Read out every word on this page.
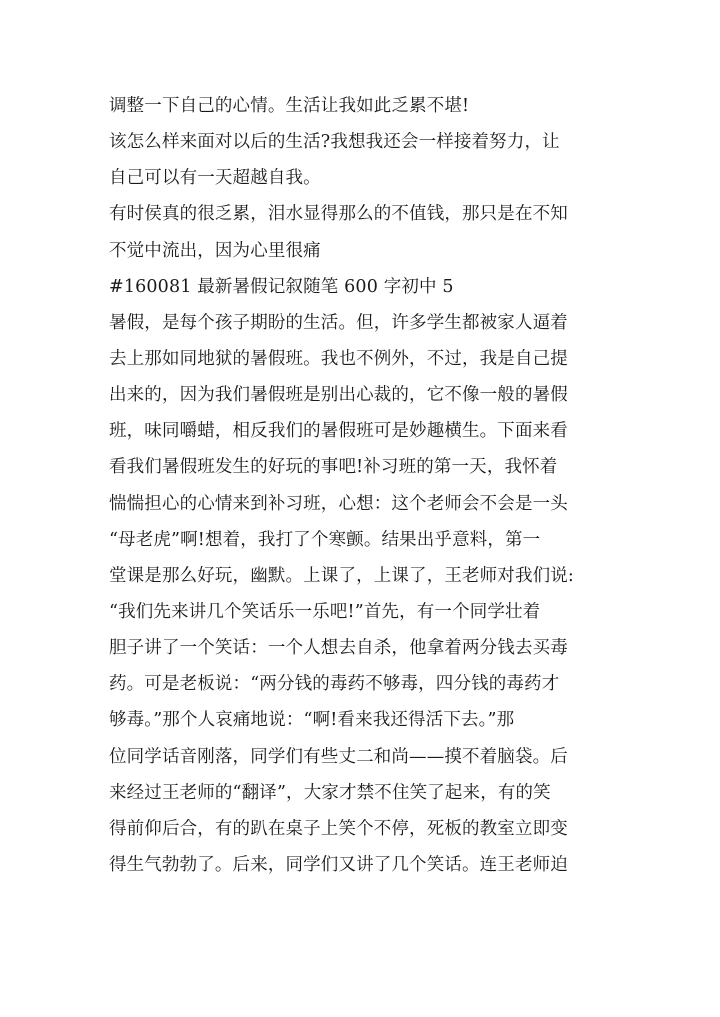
调整一下自己的心情。生活让我如此乏累不堪!
该怎么样来面对以后的生活?我想我还会一样接着努力，让
自己可以有一天超越自我。
有时侯真的很乏累，泪水显得那么的不值钱，那只是在不知
不觉中流出，因为心里很痛
#160081 最新暑假记叙随笔 600 字初中 5
暑假，是每个孩子期盼的生活。但，许多学生都被家人逼着
去上那如同地狱的暑假班。我也不例外，不过，我是自己提
出来的，因为我们暑假班是别出心裁的，它不像一般的暑假
班，味同嚼蜡，相反我们的暑假班可是妙趣横生。下面来看
看我们暑假班发生的好玩的事吧!补习班的第一天，我怀着
惴惴担心的心情来到补习班，心想：这个老师会不会是一头
“母老虎”啊!想着，我打了个寒颤。结果出乎意料，第一
堂课是那么好玩，幽默。上课了，上课了，王老师对我们说:
“我们先来讲几个笑话乐一乐吧!”首先，有一个同学壮着
胆子讲了一个笑话：一个人想去自杀，他拿着两分钱去买毒
药。可是老板说：“两分钱的毒药不够毒，四分钱的毒药才
够毒。”那个人哀痛地说：“啊!看来我还得活下去。”那
位同学话音刚落，同学们有些丈二和尚——摸不着脑袋。后
来经过王老师的“翻译”，大家才禁不住笑了起来，有的笑
得前仰后合，有的趴在桌子上笑个不停，死板的教室立即变
得生气勃勃了。后来，同学们又讲了几个笑话。连王老师迫
